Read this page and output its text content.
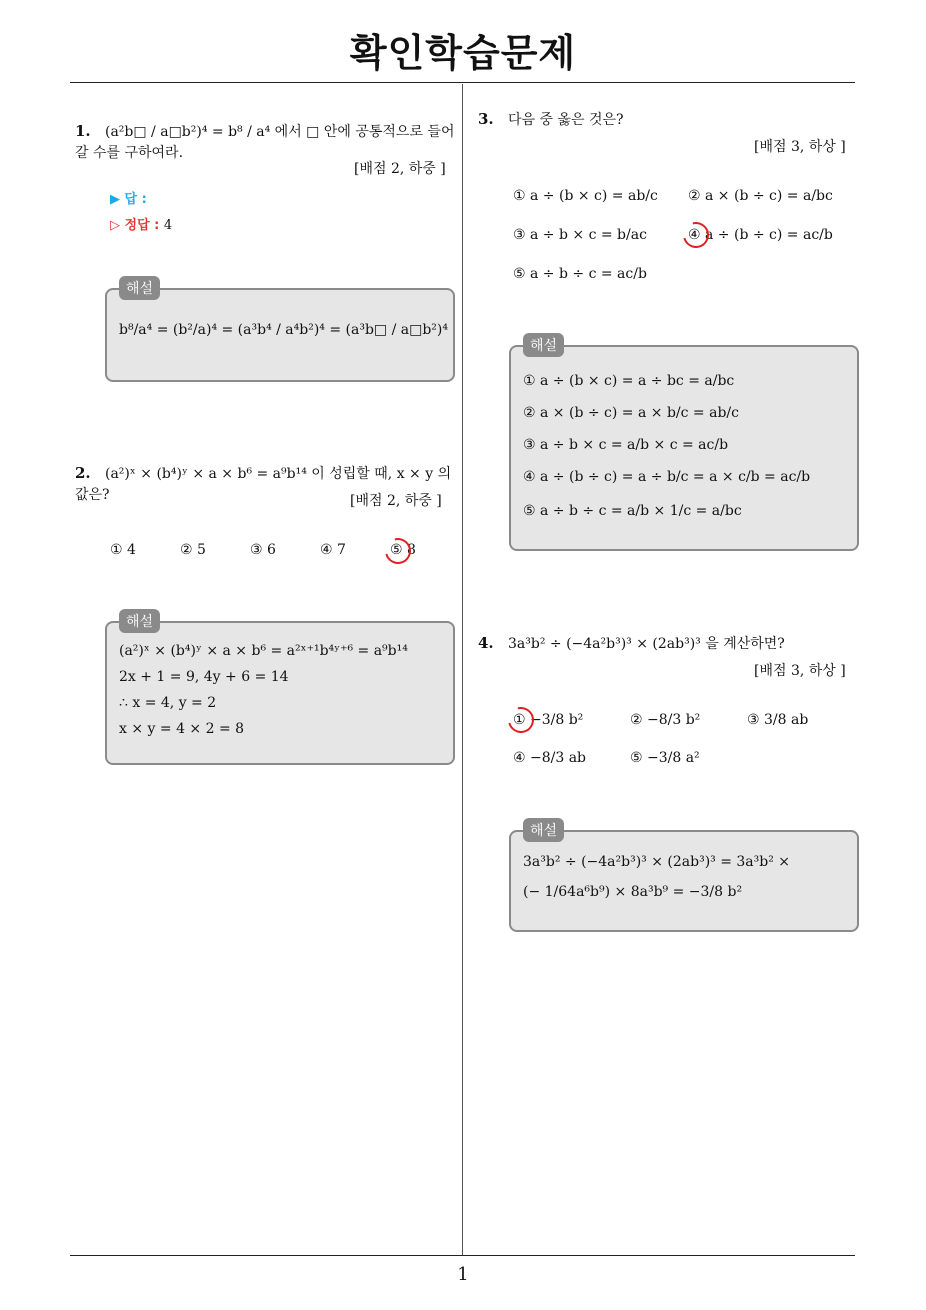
확인학습문제
1
1. (a²b□ / a□b²)⁴ = b⁸ / a⁴ 에서 □ 안에 공통적으로 들어갈 수를 구하여라.
[배점 2, 하중 ]
▶ 답 :
▷ 정답 : 4
b⁸/a⁴ = (b²/a)⁴ = (a³b⁴ / a⁴b²)⁴ = (a³b□ / a□b²)⁴
해설
2. (a²)ˣ × (b⁴)ʸ × a × b⁶ = a⁹b¹⁴ 이 성립할 때, x × y 의 값은?	[배점 2, 하중 ]
① 4	② 5	③ 6	④ 7	⑤ 8
(a²)ˣ × (b⁴)ʸ × a × b⁶ = a²ˣ⁺¹b⁴ʸ⁺⁶ = a⁹b¹⁴
2x + 1 = 9, 4y + 6 = 14
∴ x = 4, y = 2
x × y = 4 × 2 = 8
해설
3. 다음 중 옳은 것은?
[배점 3, 하상 ]
① a ÷ (b × c) = ab/c ② a × (b ÷ c) = a/bc
③ a ÷ b × c = b/ac	④ a ÷ (b ÷ c) = ac/b
⑤ a ÷ b ÷ c = ac/b
① a ÷ (b × c) = a ÷ bc = a/bc
② a × (b ÷ c) = a × b/c = ab/c
③ a ÷ b × c = a/b × c = ac/b
④ a ÷ (b ÷ c) = a ÷ b/c = a × c/b = ac/b
⑤ a ÷ b ÷ c = a/b × 1/c = a/bc
해설
4. 3a³b² ÷ (−4a²b³)³ × (2ab³)³ 을 계산하면?
[배점 3, 하상 ]
① −3/8 b²	② −8/3 b²	③ 3/8 ab
④ −8/3 ab	⑤ −3/8 a²
3a³b² ÷ (−4a²b³)³ × (2ab³)³ = 3a³b² ×
(− 1/64a⁶b⁹) × 8a³b⁹ = −3/8 b²
해설
